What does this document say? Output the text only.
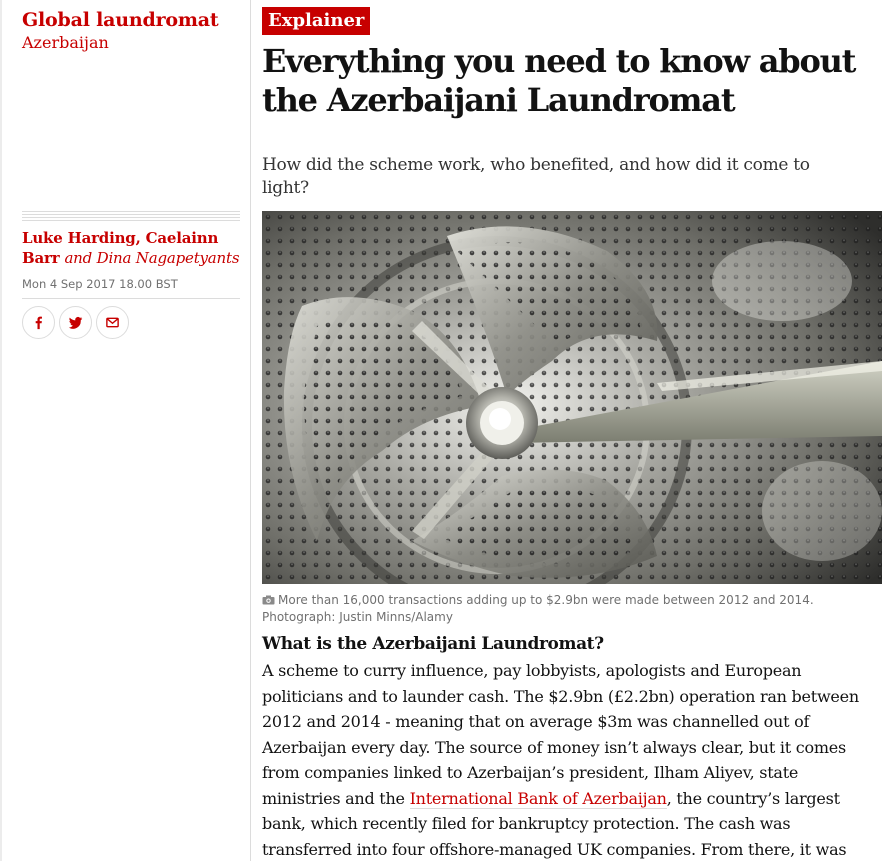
Global laundromat
Azerbaijan
Luke Harding, Caelainn Barr and Dina Nagapetyants
Mon 4 Sep 2017 18.00 BST
Explainer
Everything you need to know about the Azerbaijani Laundromat
How did the scheme work, who benefited, and how did it come to light?
More than 16,000 transactions adding up to $2.9bn were made between 2012 and 2014. Photograph: Justin Minns/Alamy
What is the Azerbaijani Laundromat?
A scheme to curry influence, pay lobbyists, apologists and European politicians and to launder cash. The $2.9bn (£2.2bn) operation ran between 2012 and 2014 - meaning that on average $3m was channelled out of Azerbaijan every day. The source of money isn’t always clear, but it comes from companies linked to Azerbaijan’s president, Ilham Aliyev, state ministries and the International Bank of Azerbaijan, the country’s largest bank, which recently filed for bankruptcy protection. The cash was transferred into four offshore-managed UK companies. From there, it was
